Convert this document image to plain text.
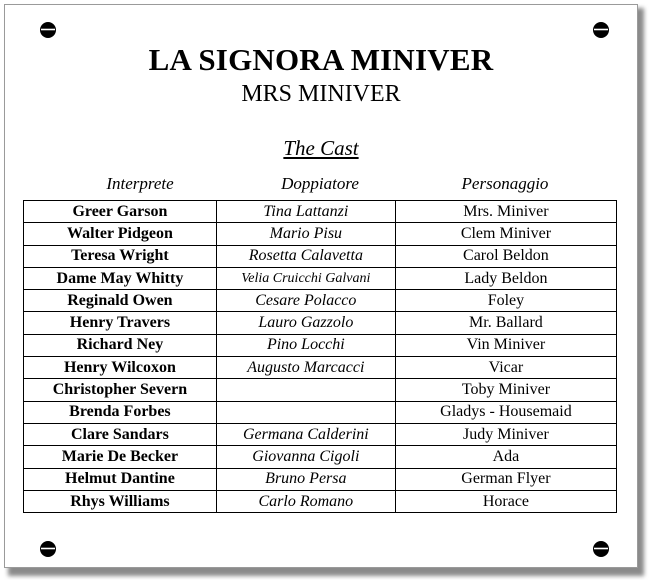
LA SIGNORA MINIVER
MRS MINIVER
The Cast
Interprete	Doppiatore	Personaggio
Greer Garson	Tina Lattanzi	Mrs. Miniver
Walter Pidgeon	Mario Pisu	Clem Miniver
Teresa Wright	Rosetta Calavetta	Carol Beldon
Dame May Whitty	Velia Cruicchi Galvani	Lady Beldon
Reginald Owen	Cesare Polacco	Foley
Henry Travers	Lauro Gazzolo	Mr. Ballard
Richard Ney	Pino Locchi	Vin Miniver
Henry Wilcoxon	Augusto Marcacci	Vicar
Christopher Severn		Toby Miniver
Brenda Forbes		Gladys - Housemaid
Clare Sandars	Germana Calderini	Judy Miniver
Marie De Becker	Giovanna Cigoli	Ada
Helmut Dantine	Bruno Persa	German Flyer
Rhys Williams	Carlo Romano	Horace
